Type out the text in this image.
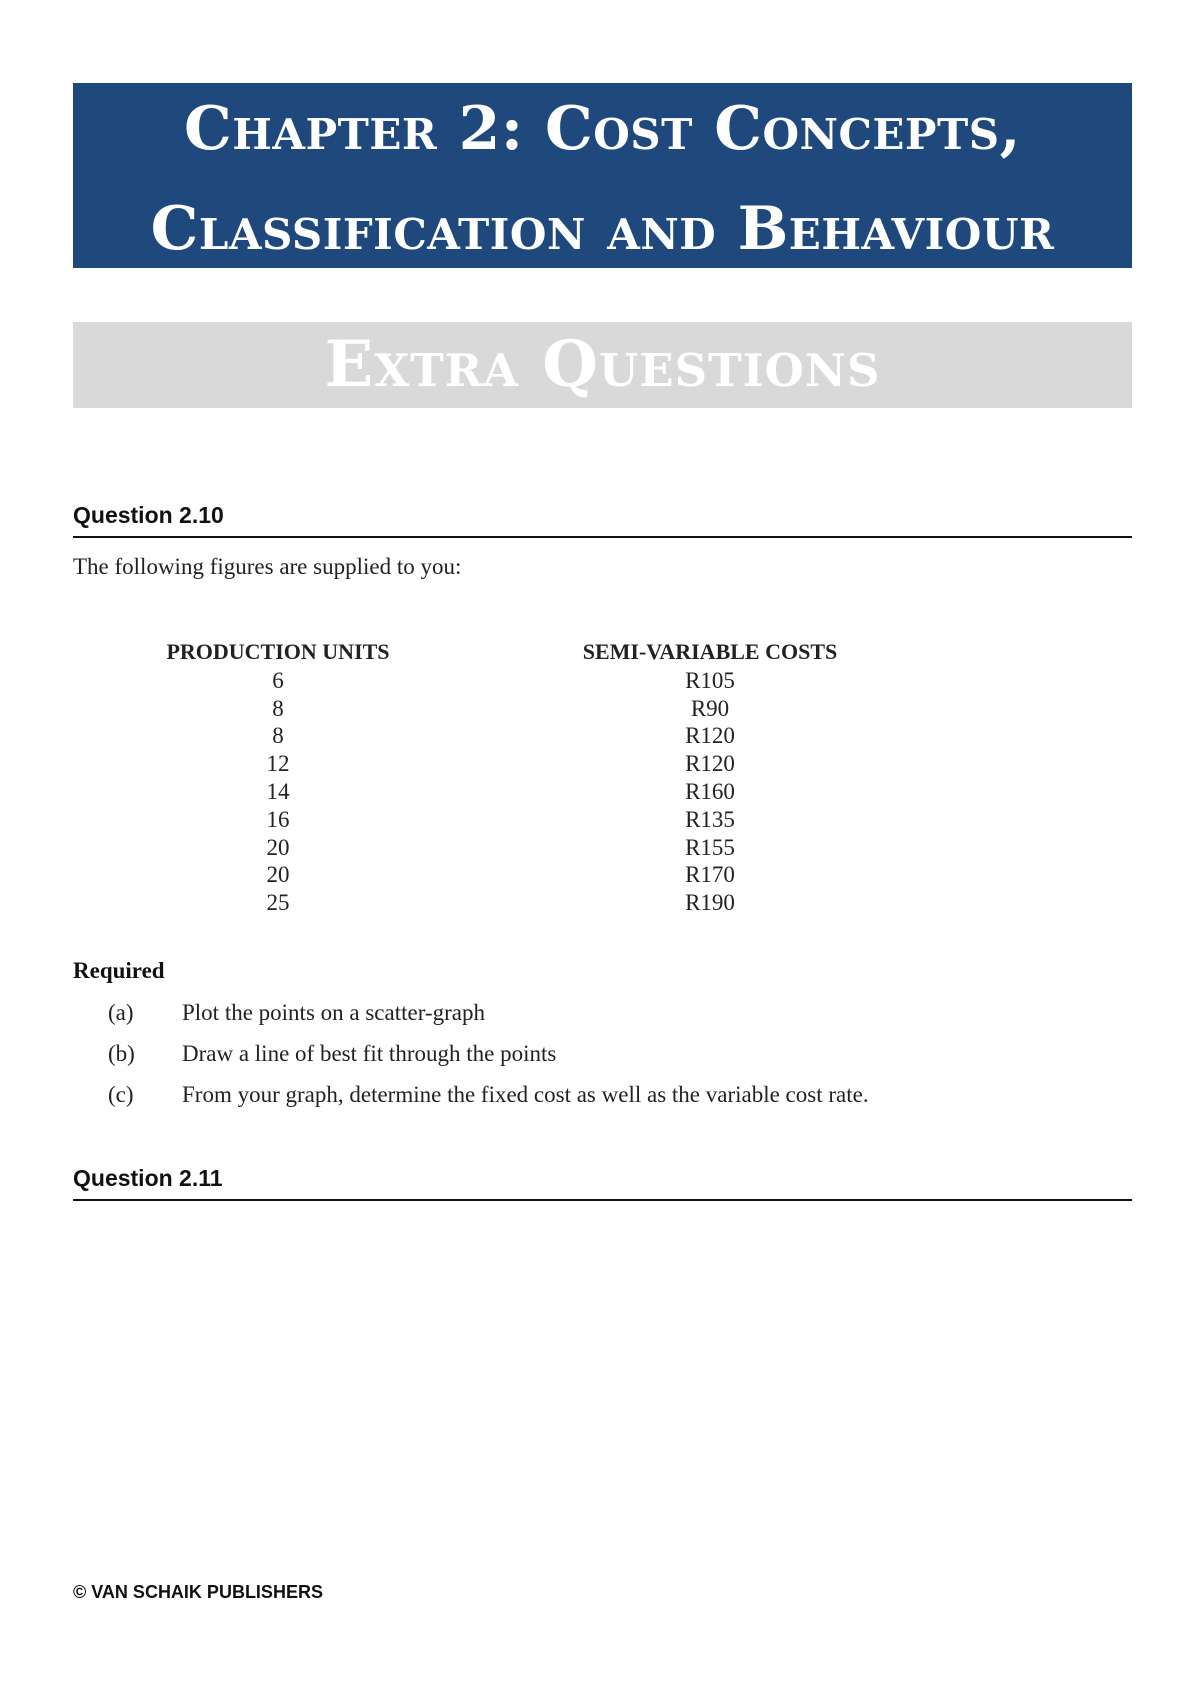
Chapter 2: Cost Concepts,
Classification and Behaviour
Extra Questions
Question 2.10
The following figures are supplied to you:
PRODUCTION UNITS		SEMI-VARIABLE COSTS
6		R105
8		R90
8		R120
12		R120
14		R160
16		R135
20		R155
20		R170
25		R190
Required
(a)	Plot the points on a scatter-graph
(b)	Draw a line of best fit through the points
(c)	From your graph, determine the fixed cost as well as the variable cost rate.
Question 2.11
© VAN SCHAIK PUBLISHERS
